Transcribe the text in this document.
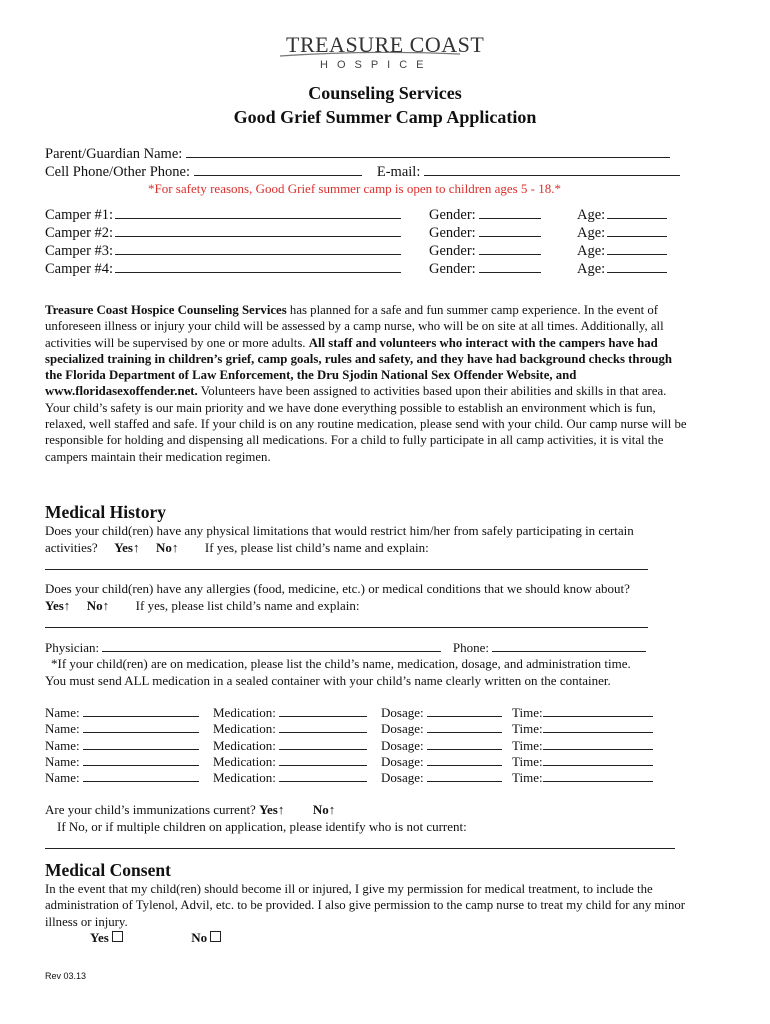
TREASURE COAST
HOSPICE
Counseling Services
Good Grief Summer Camp Application
Parent/Guardian Name:
Cell Phone/Other Phone:	E-mail:
*For safety reasons, Good Grief summer camp is open to children ages 5 - 18.*
Camper #1:	Gender:	Age:
Camper #2:	Gender:	Age:
Camper #3:	Gender:	Age:
Camper #4:	Gender:	Age:
Treasure Coast Hospice Counseling Services has planned for a safe and fun summer camp experience. In the event of unforeseen illness or injury your child will be assessed by a camp nurse, who will be on site at all times. Additionally, all activities will be supervised by one or more adults. All staff and volunteers who interact with the campers have had specialized training in children’s grief, camp goals, rules and safety, and they have had background checks through the Florida Department of Law Enforcement, the Dru Sjodin National Sex Offender Website, and www.floridasexoffender.net. Volunteers have been assigned to activities based upon their abilities and skills in that area. Your child’s safety is our main priority and we have done everything possible to establish an environment which is fun, relaxed, well staffed and safe. If your child is on any routine medication, please send with your child. Our camp nurse will be responsible for holding and dispensing all medications. For a child to fully participate in all camp activities, it is vital the campers maintain their medication regimen.
Medical History
Does your child(ren) have any physical limitations that would restrict him/her from safely participating in certain
activities? Yes↑ No↑ If yes, please list child’s name and explain:
Does your child(ren) have any allergies (food, medicine, etc.) or medical conditions that we should know about?
Yes↑ No↑ If yes, please list child’s name and explain:
Physician:	Phone:
*If your child(ren) are on medication, please list the child’s name, medication, dosage, and administration time.
You must send ALL medication in a sealed container with your child’s name clearly written on the container.
Name:	Medication:	Dosage:	Time:
Name:	Medication:	Dosage:	Time:
Name:	Medication:	Dosage:	Time:
Name:	Medication:	Dosage:	Time:
Name:	Medication:	Dosage:	Time:
Are your child’s immunizations current? Yes↑ No↑
If No, or if multiple children on application, please identify who is not current:
Medical Consent
In the event that my child(ren) should become ill or injured, I give my permission for medical treatment, to include the administration of Tylenol, Advil, etc. to be provided. I also give permission to the camp nurse to treat my child for any minor illness or injury.
Yes	No
Rev 03.13
